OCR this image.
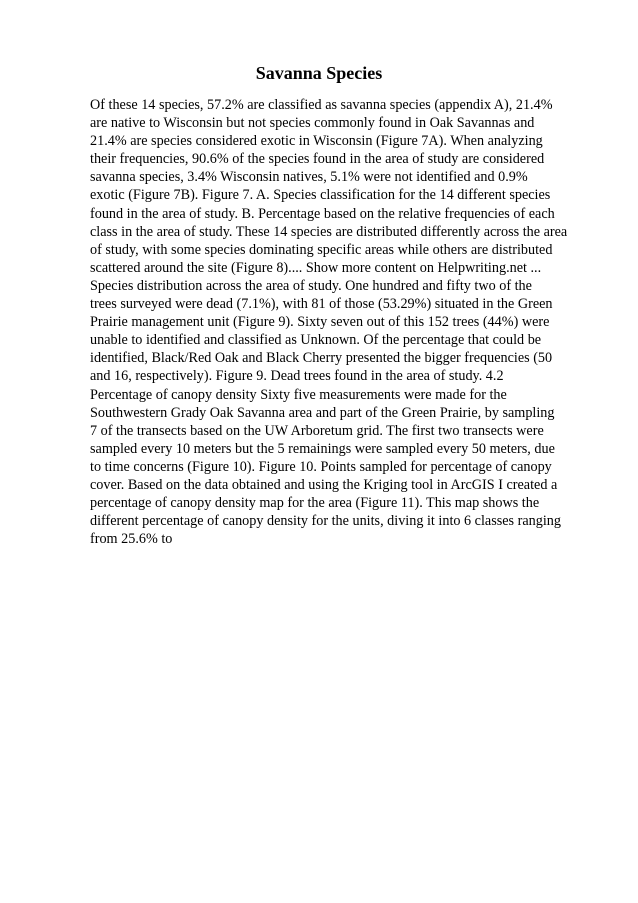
Savanna Species

Of these 14 species, 57.2% are classified as savanna species (appendix A), 21.4%
are native to Wisconsin but not species commonly found in Oak Savannas and
21.4% are species considered exotic in Wisconsin (Figure 7A). When analyzing
their frequencies, 90.6% of the species found in the area of study are considered
savanna species, 3.4% Wisconsin natives, 5.1% were not identified and 0.9%
exotic (Figure 7B). Figure 7. A. Species classification for the 14 different species
found in the area of study. B. Percentage based on the relative frequencies of each
class in the area of study. These 14 species are distributed differently across the area
of study, with some species dominating specific areas while others are distributed
scattered around the site (Figure 8).... Show more content on Helpwriting.net ...
Species distribution across the area of study. One hundred and fifty two of the
trees surveyed were dead (7.1%), with 81 of those (53.29%) situated in the Green
Prairie management unit (Figure 9). Sixty seven out of this 152 trees (44%) were
unable to identified and classified as Unknown. Of the percentage that could be
identified, Black/Red Oak and Black Cherry presented the bigger frequencies (50
and 16, respectively). Figure 9. Dead trees found in the area of study. 4.2
Percentage of canopy density Sixty five measurements were made for the
Southwestern Grady Oak Savanna area and part of the Green Prairie, by sampling
7 of the transects based on the UW Arboretum grid. The first two transects were
sampled every 10 meters but the 5 remainings were sampled every 50 meters, due
to time concerns (Figure 10). Figure 10. Points sampled for percentage of canopy
cover. Based on the data obtained and using the Kriging tool in ArcGIS I created a
percentage of canopy density map for the area (Figure 11). This map shows the
different percentage of canopy density for the units, diving it into 6 classes ranging
from 25.6% to
